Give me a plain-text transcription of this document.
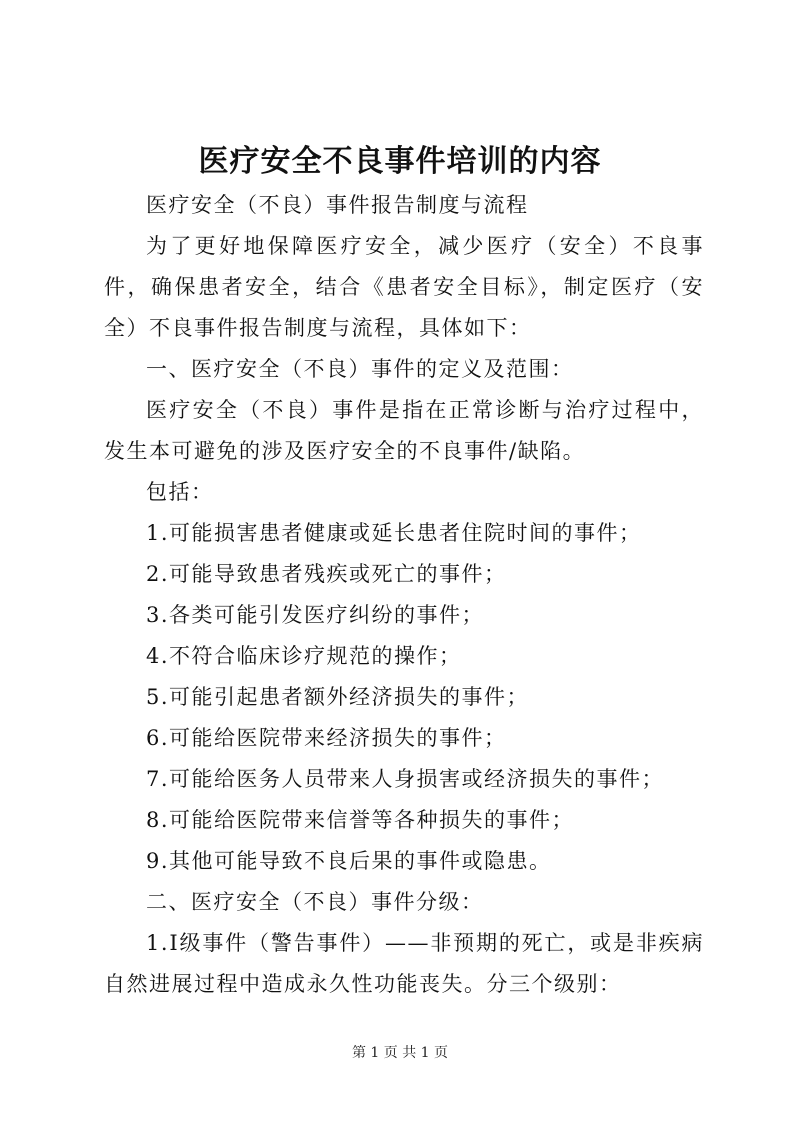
医疗安全不良事件培训的内容

医疗安全（不良）事件报告制度与流程

为了更好地保障医疗安全，减少医疗（安全）不良事件，确保患者安全，结合《患者安全目标》，制定医疗（安全）不良事件报告制度与流程，具体如下：

一、医疗安全（不良）事件的定义及范围：

医疗安全（不良）事件是指在正常诊断与治疗过程中，发生本可避免的涉及医疗安全的不良事件/缺陷。

包括：

1.可能损害患者健康或延长患者住院时间的事件；

2.可能导致患者残疾或死亡的事件；

3.各类可能引发医疗纠纷的事件；

4.不符合临床诊疗规范的操作；

5.可能引起患者额外经济损失的事件；

6.可能给医院带来经济损失的事件；

7.可能给医务人员带来人身损害或经济损失的事件；

8.可能给医院带来信誉等各种损失的事件；

9.其他可能导致不良后果的事件或隐患。

二、医疗安全（不良）事件分级：

1.Ⅰ级事件（警告事件）——非预期的死亡，或是非疾病自然进展过程中造成永久性功能丧失。分三个级别：

第 1 页 共 1 页
